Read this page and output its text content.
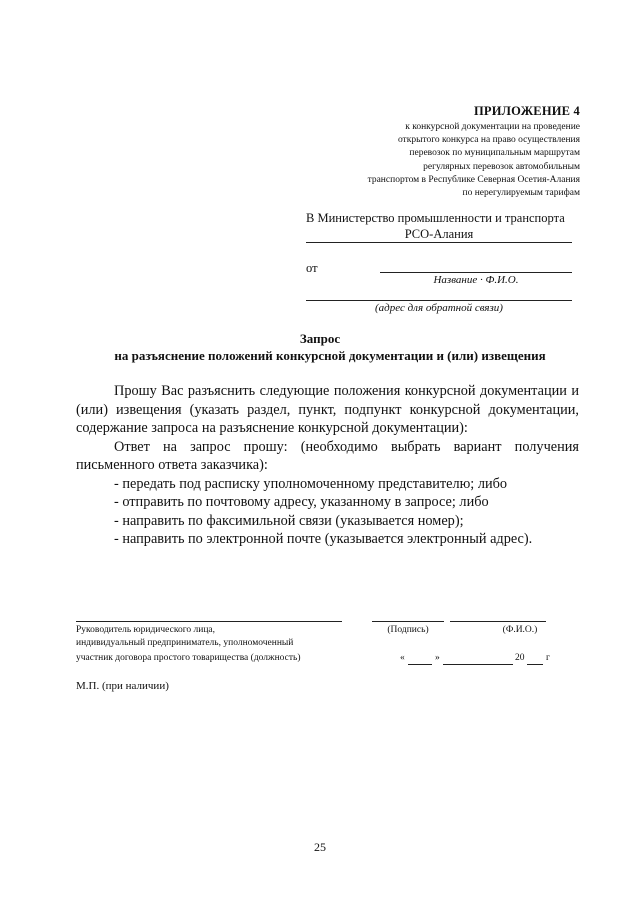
ПРИЛОЖЕНИЕ 4
к конкурсной документации на проведение
открытого конкурса на право осуществления
перевозок по муниципальным маршрутам
регулярных перевозок автомобильным
транспортом в Республике Северная Осетия-Алания
по нерегулируемым тарифам
В Министерство промышленности и транспорта
РСО-Алания
от
Название · Ф.И.О.
(адрес для обратной связи)
Запрос
на разъяснение положений конкурсной документации и (или) извещения

Прошу Вас разъяснить следующие положения конкурсной документации и (или) извещения (указать раздел, пункт, подпункт конкурсной документации, содержание запроса на разъяснение конкурсной документации):

Ответ на запрос прошу: (необходимо выбрать вариант получения письменного ответа заказчика):

- передать под расписку уполномоченному представителю; либо
- отправить по почтовому адресу, указанному в запросе; либо
- направить по факсимильной связи (указывается номер);
- направить по электронной почте (указывается электронный адрес).
Руководитель юридического лица,
индивидуальный предприниматель, уполномоченный
участник договора простого товарищества (должность)
(Подпись)	(Ф.И.О.)
«	»	20 г
М.П. (при наличии)
25
